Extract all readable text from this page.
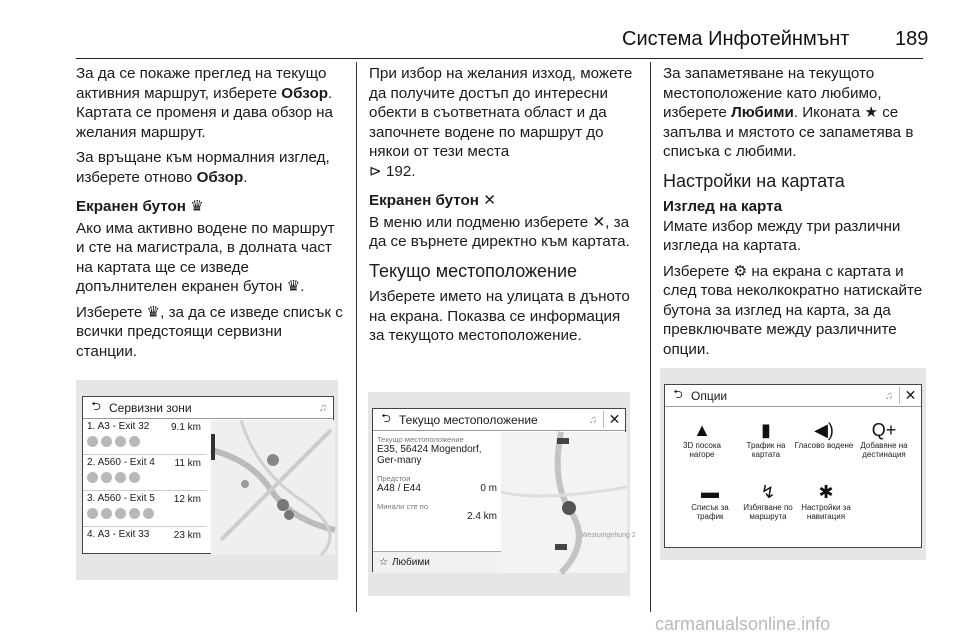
Система Инфотейнмънт 189

За да се покаже преглед на текущо активния маршрут, изберете Обзор. Картата се променя и дава обзор на желания маршрут.

За връщане към нормалния изглед, изберете отново Обзор.

Екранен бутон ♛

Ако има активно водене по маршрут и сте на магистрала, в долната част на картата ще се изведе допълнителен екранен бутон ♛.

Изберете ♛, за да се изведе списък с всички предстоящи сервизни станции.

При избор на желания изход, можете да получите достъп до интересни обекти в съответната област и да започнете водене по маршрут до някои от тези места
⊳ 192.

Екранен бутон ✕

В меню или подменю изберете ✕, за да се върнете директно към картата.

Текущо местоположение

Изберете името на улицата в дъното на екрана. Показва се информация за текущото местоположение.

За запаметяване на текущото местоположение като любимо, изберете Любими. Иконата ★ се запълва и мястото се запаметява в списъка с любими.

Настройки на картата
Изглед на карта

Имате избор между три различни изгледа на картата.

Изберете ⚙ на екрана с картата и след това неколкократно натискайте бутона за изглед на карта, за да превключвате между различните опции.

⮌ Сервизни зони	♫
1. A3 - Exit 32 9.1 km
2. A560 - Exit 4 11 km
3. A560 - Exit 5 12 km
4. A3 - Exit 33 23 km
⮌ Текущо местоположение	♫ ✕
Текущо местоположение
E35, 56424 Mogendorf, Ger-many
Предстои
A48 / E44	0 m
Минали сте по
2.4 km
☆ Любими
Westumgehung 2
⮌ Опции	♫ ✕
▲
3D посока нагоре
▮
Трафик на картата
◀)
Гласово водене
Q+
Добавяне на дестинация
▬
Списък за трафик
↯
Избягване по маршрута
✱
Настройки за навигация
carmanualsonline.info
